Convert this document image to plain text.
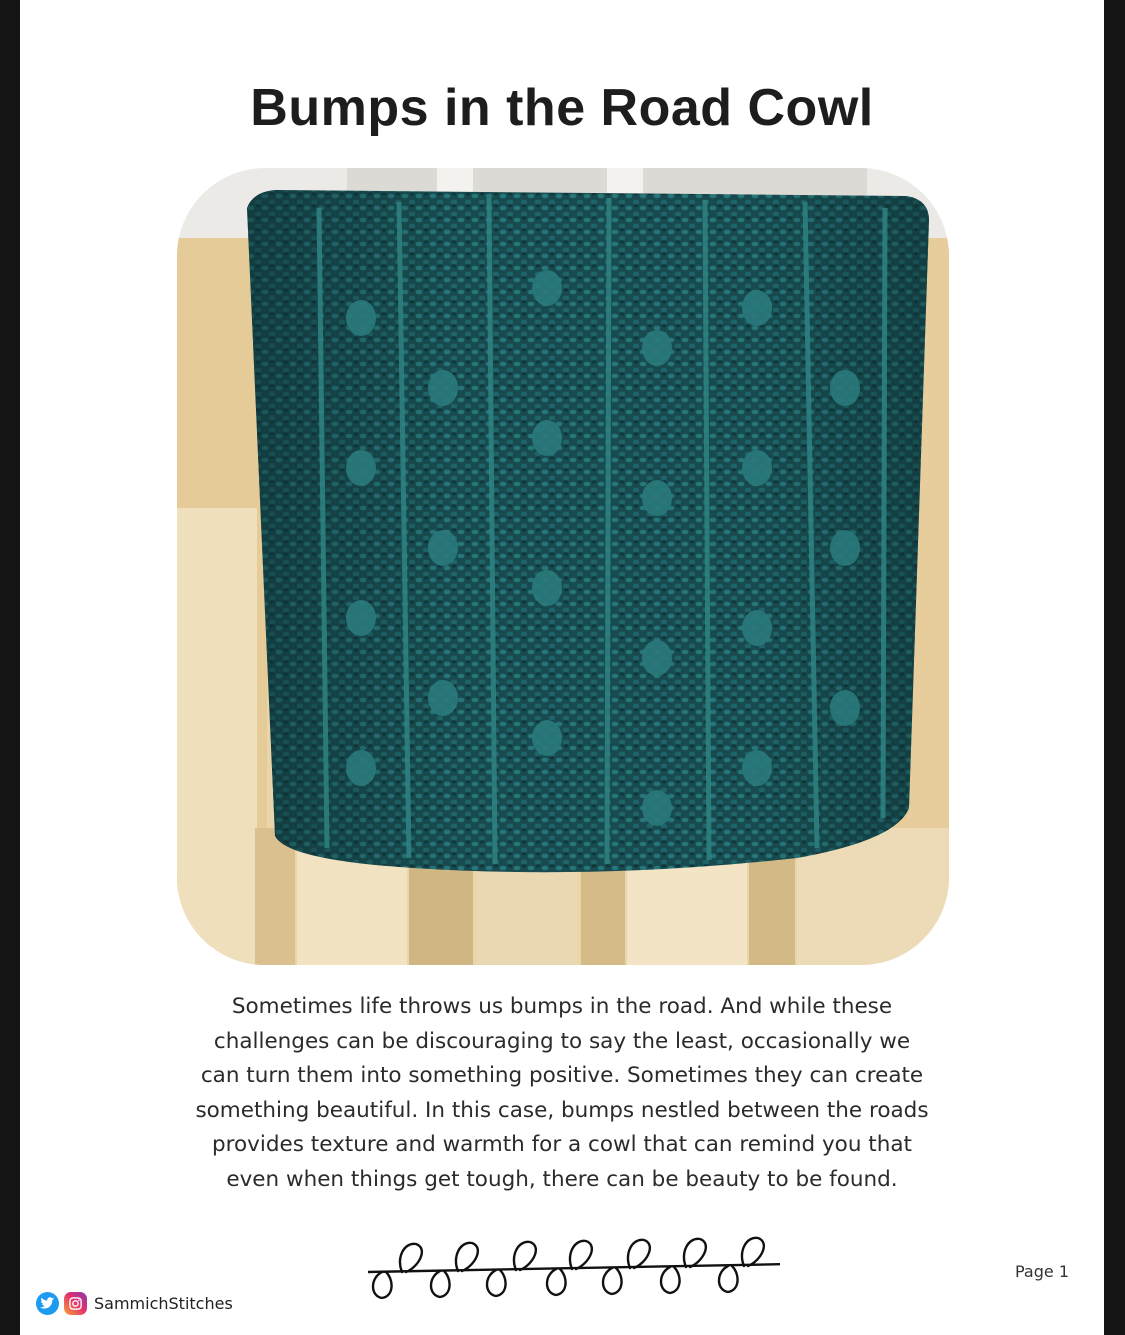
Bumps in the Road Cowl

Sometimes life throws us bumps in the road. And while these
challenges can be discouraging to say the least, occasionally we
can turn them into something positive. Sometimes they can create
something beautiful. In this case, bumps nestled between the roads
provides texture and warmth for a cowl that can remind you that
even when things get tough, there can be beauty to be found.

Page 1
SammichStitches
